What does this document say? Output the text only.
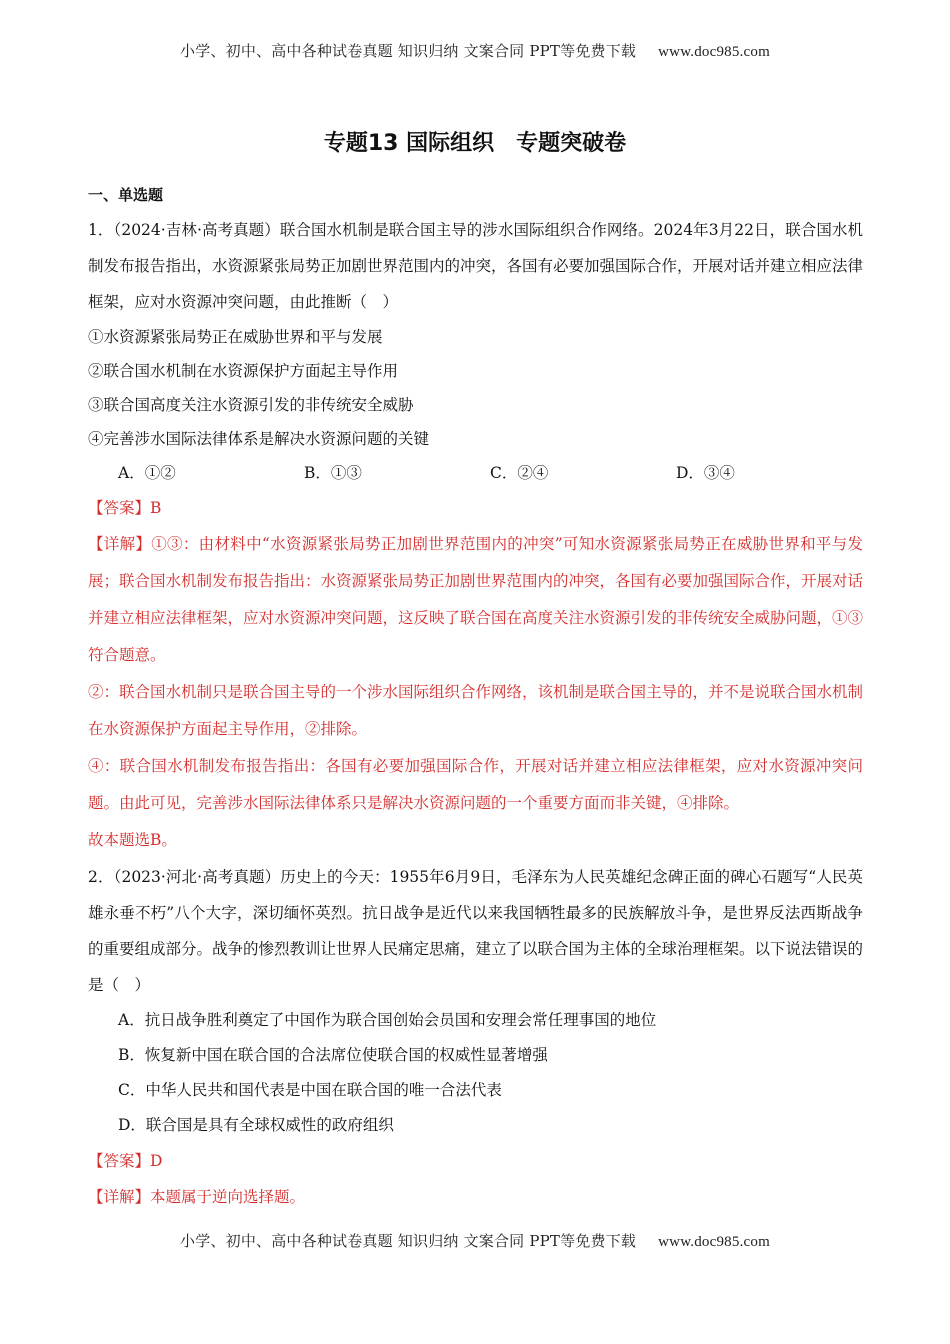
小学、初中、高中各种试卷真题 知识归纳 文案合同 PPT等免费下载 www.doc985.com
专题13 国际组织 专题突破卷
一、单选题
1．（2024·吉林·高考真题）联合国水机制是联合国主导的涉水国际组织合作网络。2024年3月22日，联合国水机制发布报告指出，水资源紧张局势正加剧世界范围内的冲突，各国有必要加强国际合作，开展对话并建立相应法律框架，应对水资源冲突问题，由此推断（　）
①水资源紧张局势正在威胁世界和平与发展
②联合国水机制在水资源保护方面起主导作用
③联合国高度关注水资源引发的非传统安全威胁
④完善涉水国际法律体系是解决水资源问题的关键
A．①②	B．①③	C．②④	D．③④
【答案】B
【详解】①③：由材料中“水资源紧张局势正加剧世界范围内的冲突”可知水资源紧张局势正在威胁世界和平与发展；联合国水机制发布报告指出：水资源紧张局势正加剧世界范围内的冲突，各国有必要加强国际合作，开展对话并建立相应法律框架，应对水资源冲突问题，这反映了联合国在高度关注水资源引发的非传统安全威胁问题，①③符合题意。
②：联合国水机制只是联合国主导的一个涉水国际组织合作网络，该机制是联合国主导的，并不是说联合国水机制在水资源保护方面起主导作用，②排除。
④：联合国水机制发布报告指出：各国有必要加强国际合作，开展对话并建立相应法律框架，应对水资源冲突问题。由此可见，完善涉水国际法律体系只是解决水资源问题的一个重要方面而非关键，④排除。
故本题选B。
2．（2023·河北·高考真题）历史上的今天：1955年6月9日，毛泽东为人民英雄纪念碑正面的碑心石题写“人民英雄永垂不朽”八个大字，深切缅怀英烈。抗日战争是近代以来我国牺牲最多的民族解放斗争，是世界反法西斯战争的重要组成部分。战争的惨烈教训让世界人民痛定思痛，建立了以联合国为主体的全球治理框架。以下说法错误的是（　）
A．抗日战争胜利奠定了中国作为联合国创始会员国和安理会常任理事国的地位
B．恢复新中国在联合国的合法席位使联合国的权威性显著增强
C．中华人民共和国代表是中国在联合国的唯一合法代表
D．联合国是具有全球权威性的政府组织
【答案】D
【详解】本题属于逆向选择题。
小学、初中、高中各种试卷真题 知识归纳 文案合同 PPT等免费下载 www.doc985.com
